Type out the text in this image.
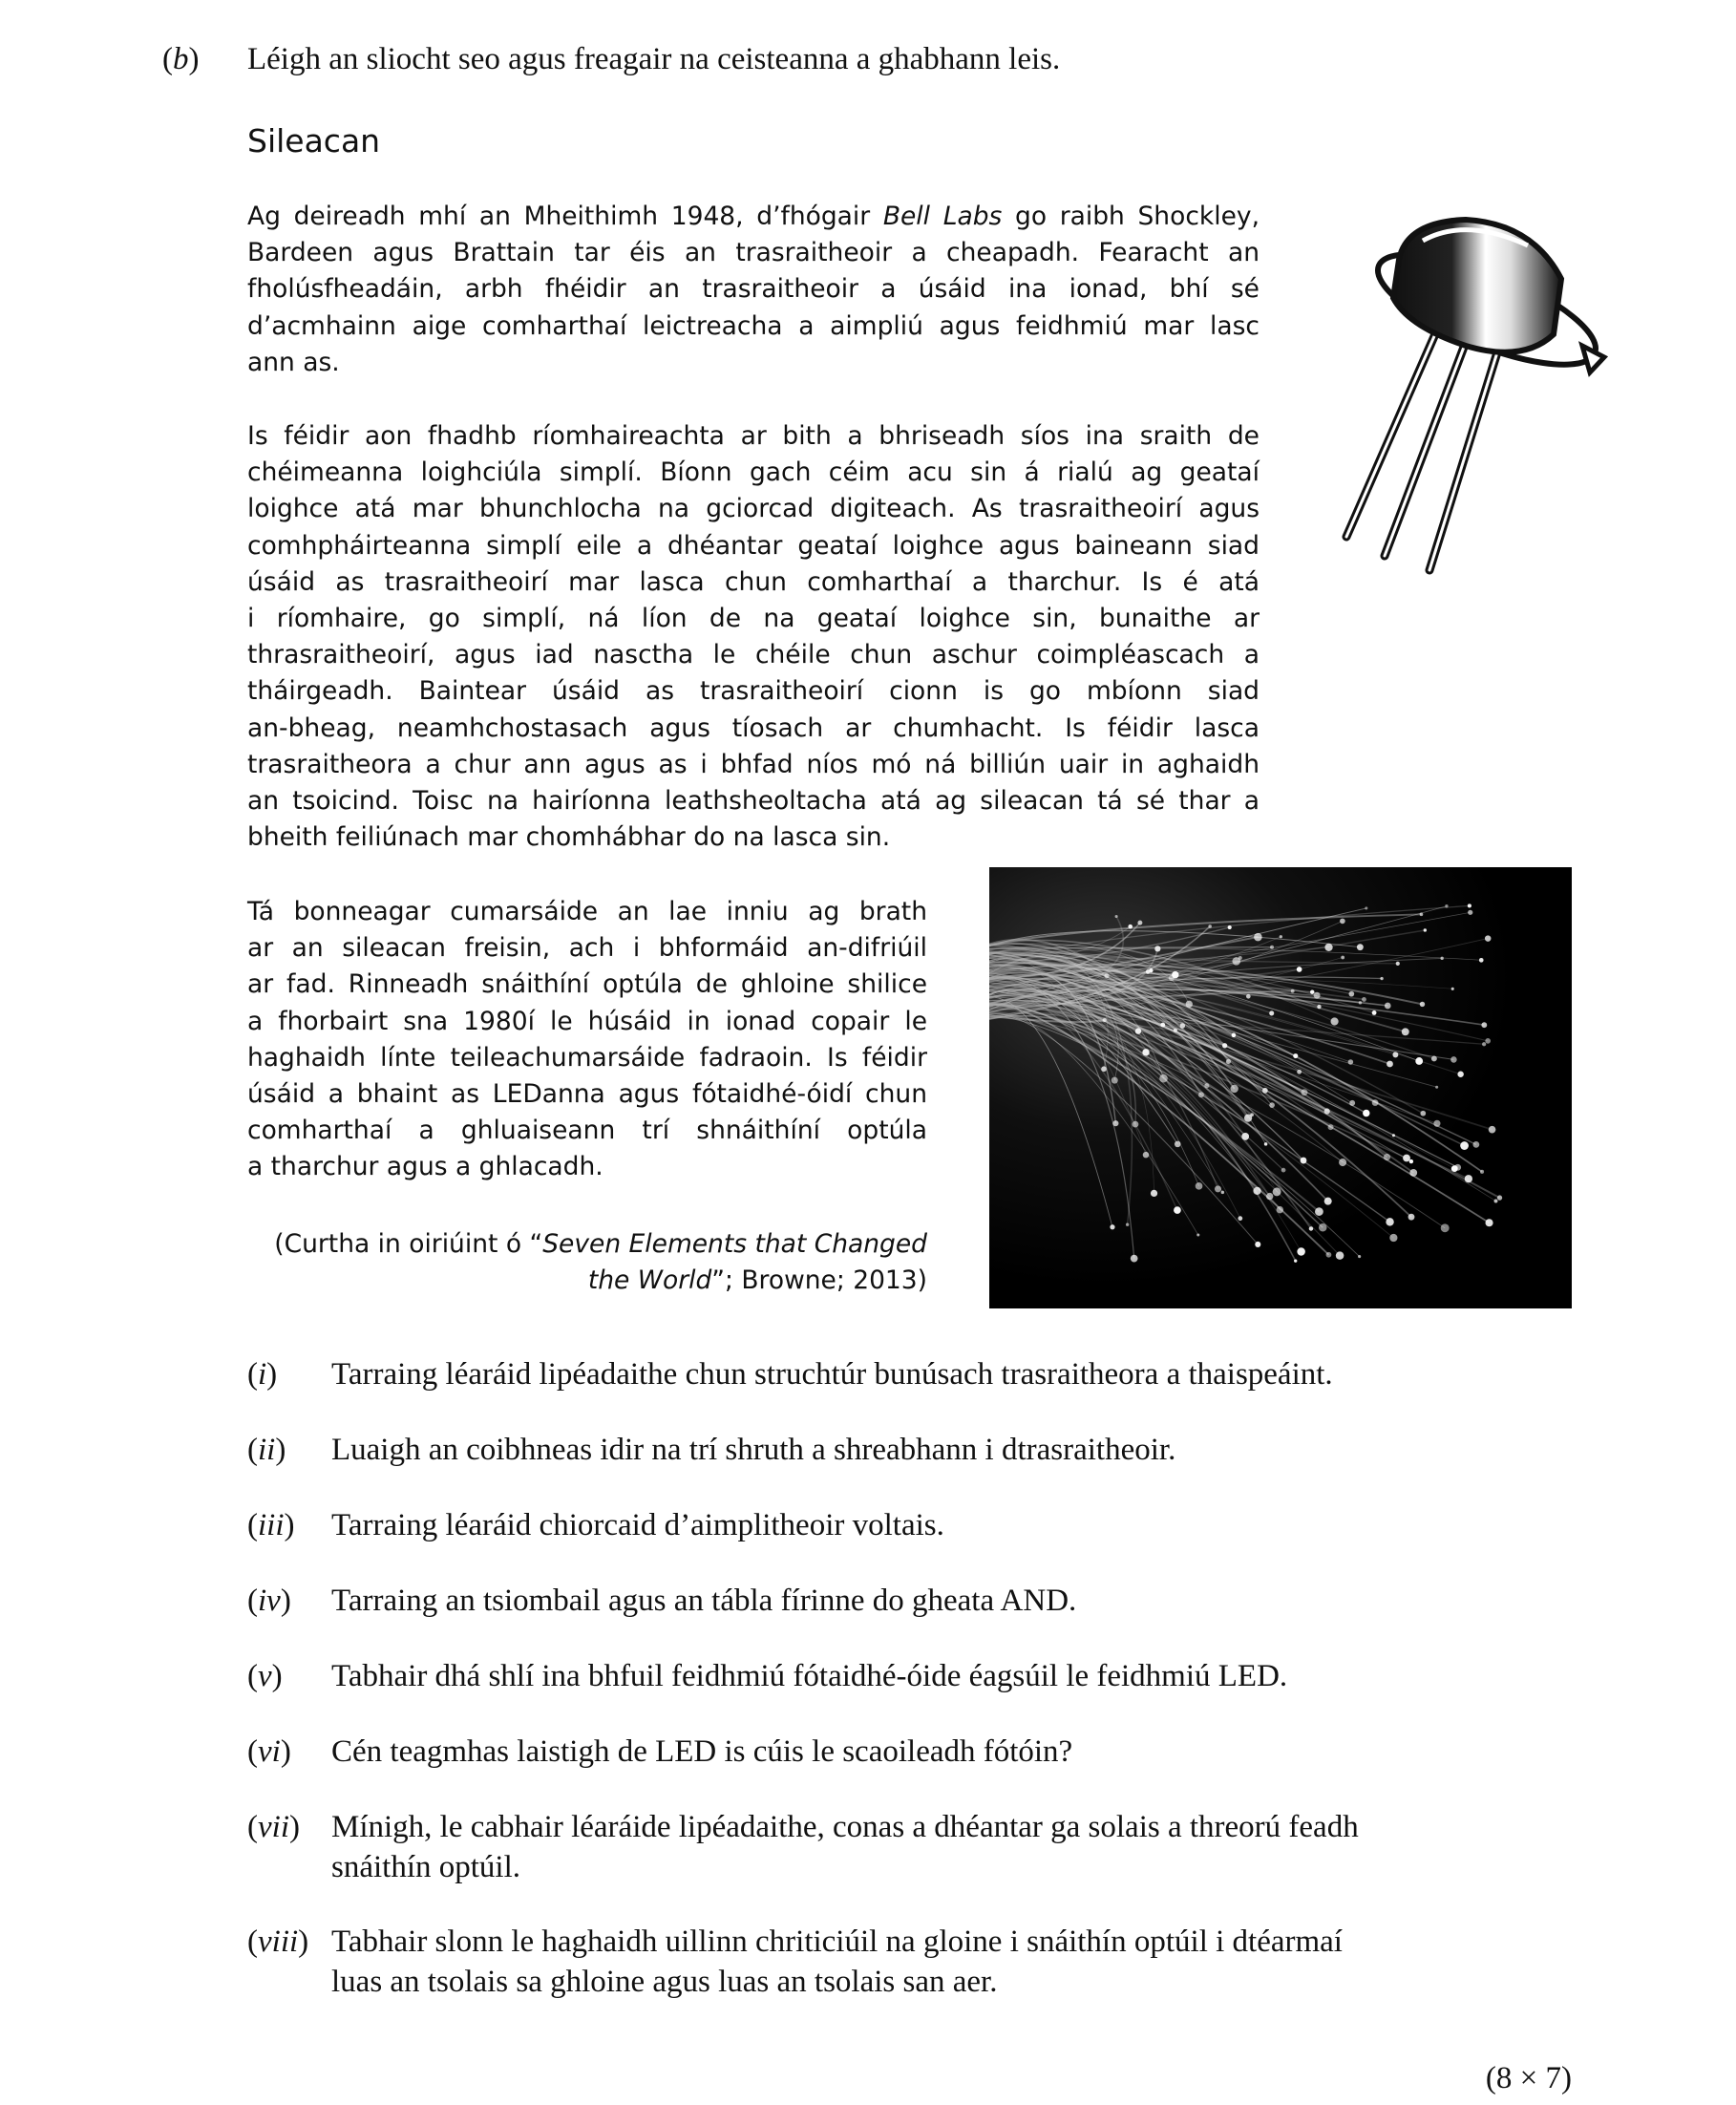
(b) Léigh an sliocht seo agus freagair na ceisteanna a ghabhann leis.
Sileacan
Ag deireadh mhí an Mheithimh 1948, d’fhógair Bell Labs go raibh Shockley,
Bardeen agus Brattain tar éis an trasraitheoir a cheapadh. Fearacht an
fholúsfheadáin, arbh fhéidir an trasraitheoir a úsáid ina ionad, bhí sé
d’acmhainn aige comharthaí leictreacha a aimpliú agus feidhmiú mar lasc
ann as.
Is féidir aon fhadhb ríomhaireachta ar bith a bhriseadh síos ina sraith de
chéimeanna loighciúla simplí. Bíonn gach céim acu sin á rialú ag geataí
loighce atá mar bhunchlocha na gciorcad digiteach. As trasraitheoirí agus
comhpháirteanna simplí eile a dhéantar geataí loighce agus baineann siad
úsáid as trasraitheoirí mar lasca chun comharthaí a tharchur. Is é atá
i ríomhaire, go simplí, ná líon de na geataí loighce sin, bunaithe ar
thrasraitheoirí, agus iad nasctha le chéile chun aschur coimpléascach a
tháirgeadh. Baintear úsáid as trasraitheoirí cionn is go mbíonn siad
an-bheag, neamhchostasach agus tíosach ar chumhacht. Is féidir lasca
trasraitheora a chur ann agus as i bhfad níos mó ná billiún uair in aghaidh
an tsoicind. Toisc na hairíonna leathsheoltacha atá ag sileacan tá sé thar a
bheith feiliúnach mar chomhábhar do na lasca sin.
Tá bonneagar cumarsáide an lae inniu ag brath
ar an sileacan freisin, ach i bhformáid an-difriúil
ar fad. Rinneadh snáithíní optúla de ghloine shilice
a fhorbairt sna 1980í le húsáid in ionad copair le
haghaidh línte teileachumarsáide fadraoin. Is féidir
úsáid a bhaint as LEDanna agus fótaidhé-óidí chun
comharthaí a ghluaiseann trí shnáithíní optúla
a tharchur agus a ghlacadh.
(Curtha in oiriúint ó “Seven Elements that Changed
the World”; Browne; 2013)
(i) Tarraing léaráid lipéadaithe chun struchtúr bunúsach trasraitheora a thaispeáint.
(ii) Luaigh an coibhneas idir na trí shruth a shreabhann i dtrasraitheoir.
(iii) Tarraing léaráid chiorcaid d’aimplitheoir voltais.
(iv) Tarraing an tsiombail agus an tábla fírinne do gheata AND.
(v) Tabhair dhá shlí ina bhfuil feidhmiú fótaidhé-óide éagsúil le feidhmiú LED.
(vi) Cén teagmhas laistigh de LED is cúis le scaoileadh fótóin?
(vii) Mínigh, le cabhair léaráide lipéadaithe, conas a dhéantar ga solais a threorú feadh
snáithín optúil.
(viii) Tabhair slonn le haghaidh uillinn chriticiúil na gloine i snáithín optúil i dtéarmaí
luas an tsolais sa ghloine agus luas an tsolais san aer.
(8 × 7)
